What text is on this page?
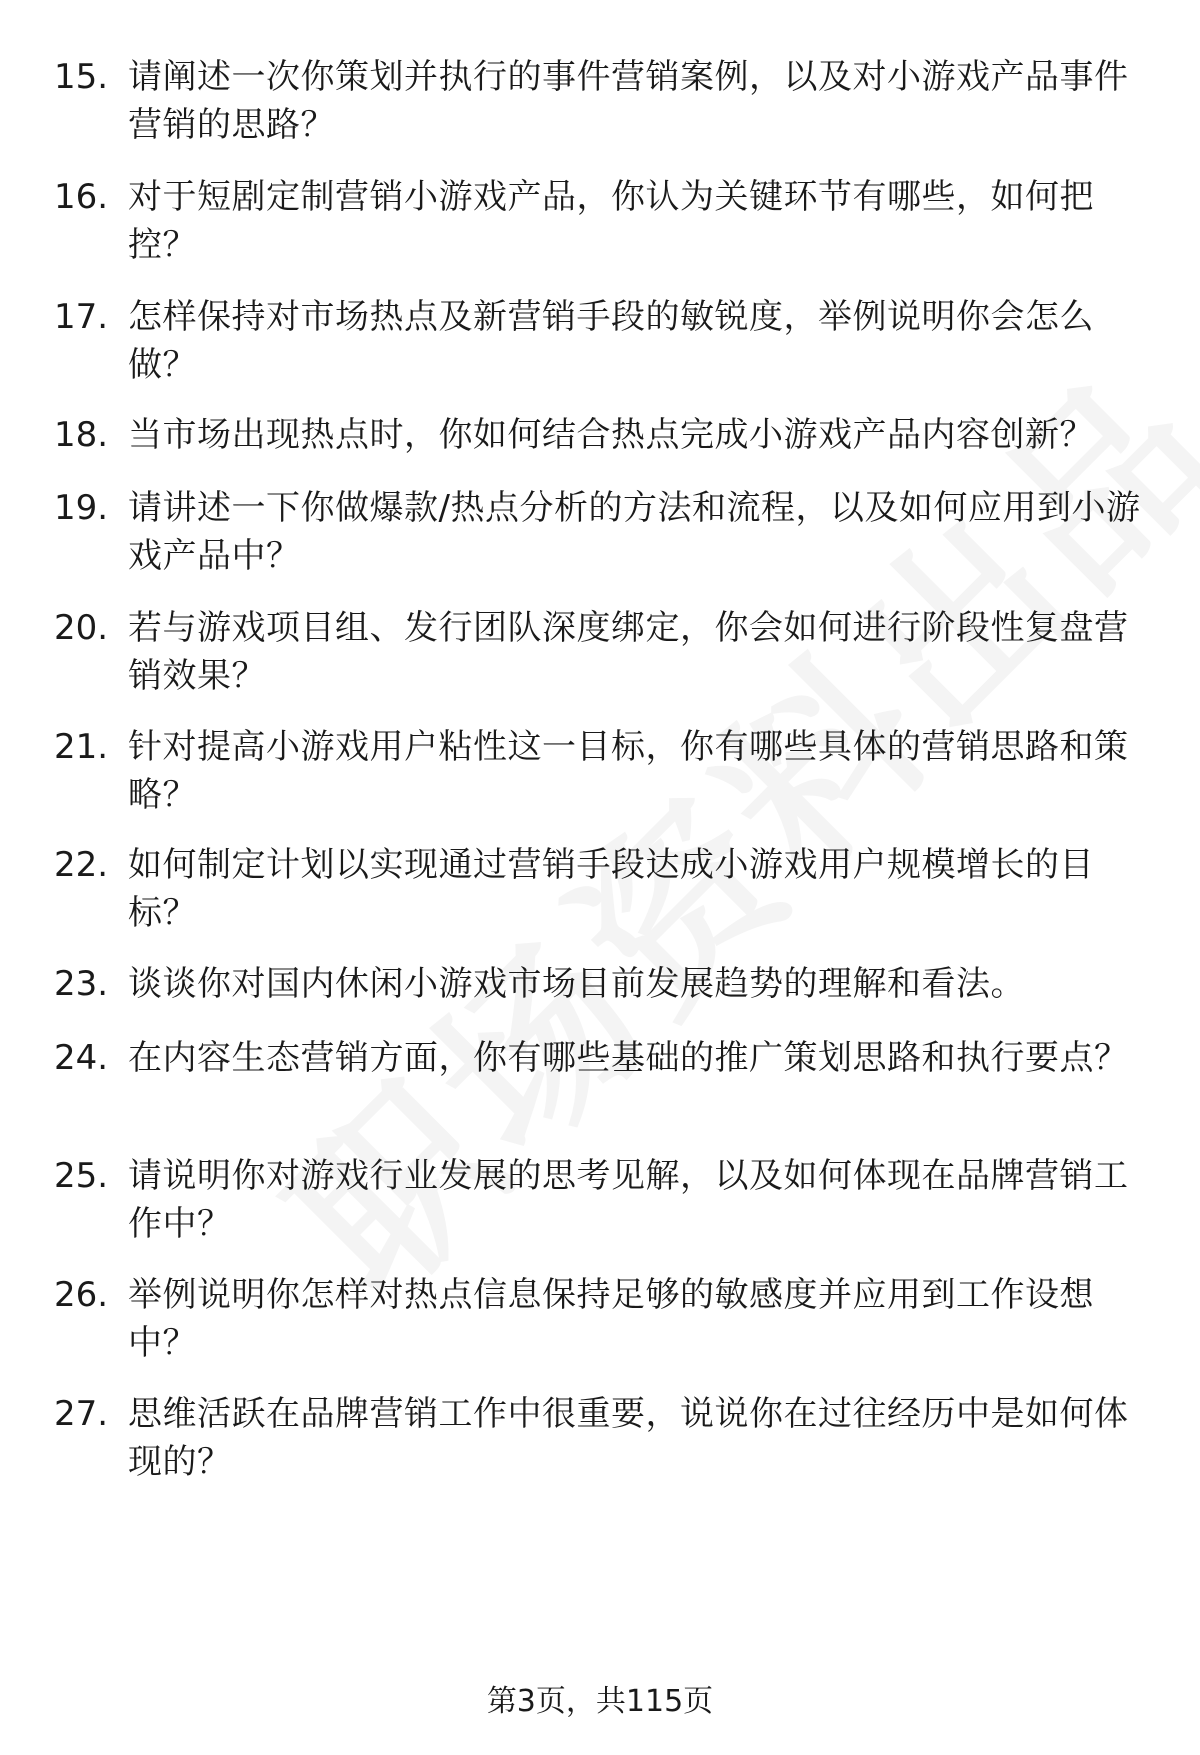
15. 请阐述一次你策划并执行的事件营销案例，以及对小游戏产品事件营销的思路？
16. 对于短剧定制营销小游戏产品，你认为关键环节有哪些，如何把控？
17. 怎样保持对市场热点及新营销手段的敏锐度，举例说明你会怎么做？
18. 当市场出现热点时，你如何结合热点完成小游戏产品内容创新？
19. 请讲述一下你做爆款/热点分析的方法和流程，以及如何应用到小游戏产品中？
20. 若与游戏项目组、发行团队深度绑定，你会如何进行阶段性复盘营销效果？
21. 针对提高小游戏用户粘性这一目标，你有哪些具体的营销思路和策略？
22. 如何制定计划以实现通过营销手段达成小游戏用户规模增长的目标？
23. 谈谈你对国内休闲小游戏市场目前发展趋势的理解和看法。
24. 在内容生态营销方面，你有哪些基础的推广策划思路和执行要点？
25. 请说明你对游戏行业发展的思考见解，以及如何体现在品牌营销工作中？
26. 举例说明你怎样对热点信息保持足够的敏感度并应用到工作设想中？
27. 思维活跃在品牌营销工作中很重要，说说你在过往经历中是如何体现的？
第3页，共115页
